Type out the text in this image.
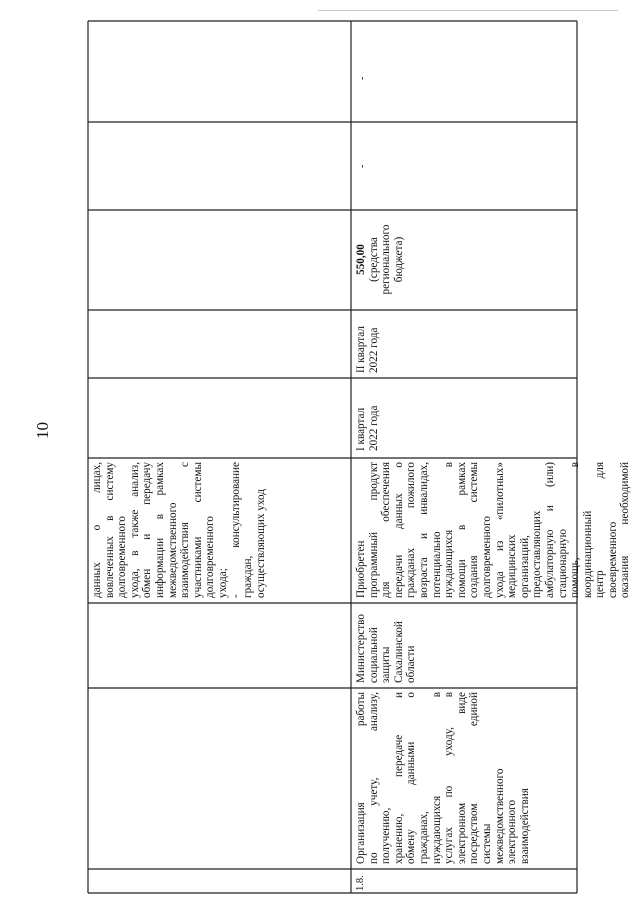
10

данных о лицах, вовлеченных в систему долговременного ухода, в также анализ, обмен и передачу информации в рамках межведомственного взаимодействия с участниками системы долговременного ухода; - консультирование граждан, осуществляющих уход

1.8.

Организация работы по учету, анализу, получению, хранению, передаче и обмену данными о гражданах, нуждающихся в услугах по уходу, в электронном виде посредством единой системы межведомственного электронного взаимодействия

Министерство социальной защиты Сахалинской области

Приобретен программный продукт для обеспечения передачи данных о гражданах пожилого возраста и инвалидах, потенциально нуждающихся в помощи в рамках создания системы долговременного ухода из «пилотных» медицинских организаций, предоставляющих амбулаторную и (или) стационарную помощь, в координационный центр для своевременного оказания необходимой

I квартал 2022 года

II квартал 2022 года

550,00 (средства регионального бюджета)

-
-
